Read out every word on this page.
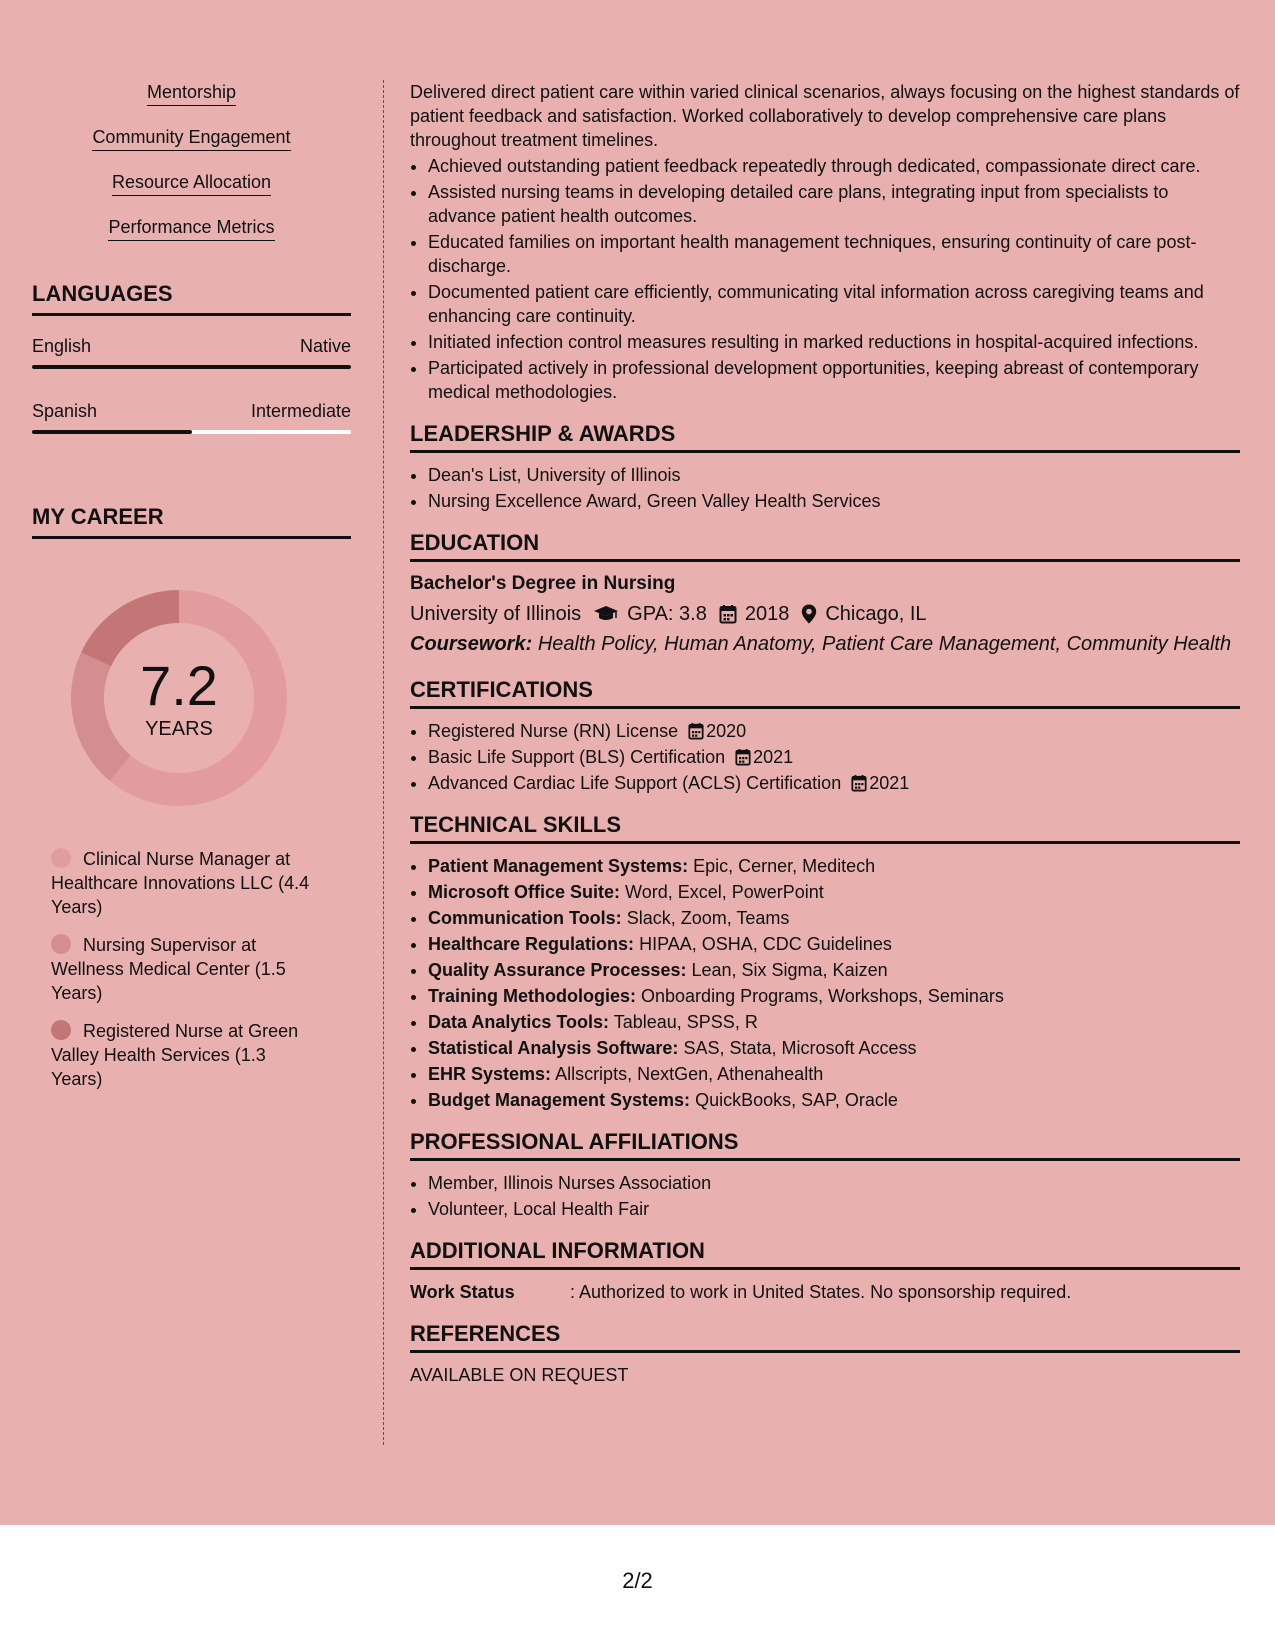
Mentorship
Community Engagement
Resource Allocation
Performance Metrics
LANGUAGES
English	Native
Spanish	Intermediate
MY CAREER
7.2
YEARS
Clinical Nurse Manager at Healthcare Innovations LLC (4.4 Years)
Nursing Supervisor at Wellness Medical Center (1.5 Years)
Registered Nurse at Green Valley Health Services (1.3 Years)

Delivered direct patient care within varied clinical scenarios, always focusing on the highest standards of patient feedback and satisfaction. Worked collaboratively to develop comprehensive care plans throughout treatment timelines.

• Achieved outstanding patient feedback repeatedly through dedicated, compassionate direct care.
• Assisted nursing teams in developing detailed care plans, integrating input from specialists to advance patient health outcomes.
• Educated families on important health management techniques, ensuring continuity of care post-discharge.
• Documented patient care efficiently, communicating vital information across caregiving teams and enhancing care continuity.
• Initiated infection control measures resulting in marked reductions in hospital-acquired infections.
• Participated actively in professional development opportunities, keeping abreast of contemporary medical methodologies.
LEADERSHIP & AWARDS
• Dean's List, University of Illinois
• Nursing Excellence Award, Green Valley Health Services
EDUCATION
Bachelor's Degree in Nursing
University of Illinois GPA: 3.8 2018 Chicago, IL
Coursework: Health Policy, Human Anatomy, Patient Care Management, Community Health
CERTIFICATIONS
• Registered Nurse (RN) License 2020
• Basic Life Support (BLS) Certification 2021
• Advanced Cardiac Life Support (ACLS) Certification 2021
TECHNICAL SKILLS
• Patient Management Systems: Epic, Cerner, Meditech
• Microsoft Office Suite: Word, Excel, PowerPoint
• Communication Tools: Slack, Zoom, Teams
• Healthcare Regulations: HIPAA, OSHA, CDC Guidelines
• Quality Assurance Processes: Lean, Six Sigma, Kaizen
• Training Methodologies: Onboarding Programs, Workshops, Seminars
• Data Analytics Tools: Tableau, SPSS, R
• Statistical Analysis Software: SAS, Stata, Microsoft Access
• EHR Systems: Allscripts, NextGen, Athenahealth
• Budget Management Systems: QuickBooks, SAP, Oracle
PROFESSIONAL AFFILIATIONS
• Member, Illinois Nurses Association
• Volunteer, Local Health Fair
ADDITIONAL INFORMATION
Work Status	: Authorized to work in United States. No sponsorship required.
REFERENCES
AVAILABLE ON REQUEST
2/2
